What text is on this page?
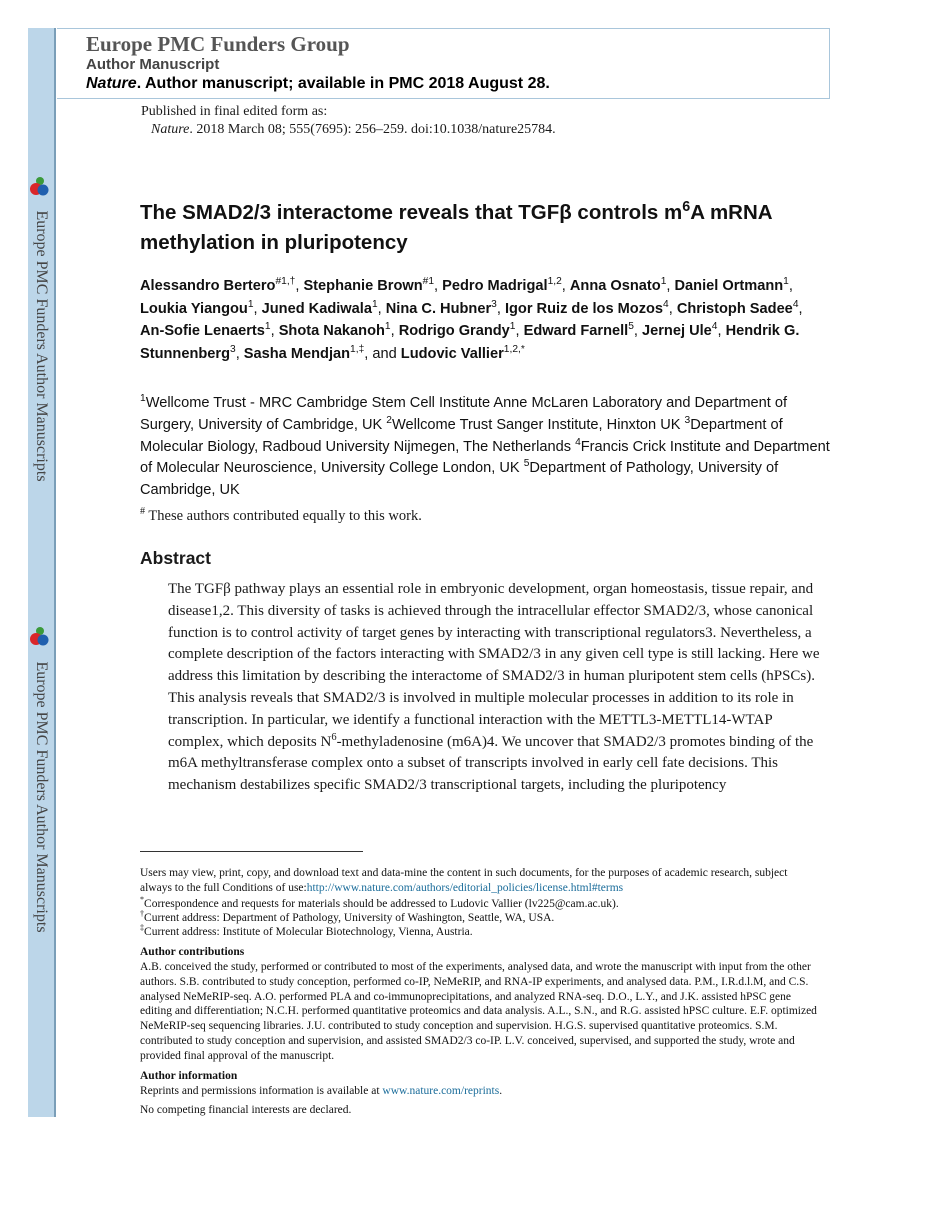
Europe PMC Funders Author Manuscripts
Europe PMC Funders Author Manuscripts
Europe PMC Funders Group
Author Manuscript
Nature. Author manuscript; available in PMC 2018 August 28.
Published in final edited form as:
Nature. 2018 March 08; 555(7695): 256–259. doi:10.1038/nature25784.
The SMAD2/3 interactome reveals that TGFβ controls $m^6A$ mRNA methylation in pluripotency
Alessandro Bertero$^{\#1,\dagger}$, Stephanie Brown$^{\#1}$, Pedro Madrigal$^{1,2}$, Anna Osnato$^1$, Daniel Ortmann$^1$, Loukia Yiangou$^1$, Juned Kadiwala$^1$, Nina C. Hubner$^3$, Igor Ruiz de los Mozos$^4$, Christoph Sadee$^4$, An-Sofie Lenaerts$^1$, Shota Nakanoh$^1$, Rodrigo Grandy$^1$, Edward Farnell$^5$, Jernej Ule$^4$, Hendrik G. Stunnenberg$^3$, Sasha Mendjan$^{1,\ddagger}$, and Ludovic Vallier$^{1,2,*}$
$^1$Wellcome Trust - MRC Cambridge Stem Cell Institute Anne McLaren Laboratory and Department of Surgery, University of Cambridge, UK $^2$Wellcome Trust Sanger Institute, Hinxton UK $^3$Department of Molecular Biology, Radboud University Nijmegen, The Netherlands $^4$Francis Crick Institute and Department of Molecular Neuroscience, University College London, UK $^5$Department of Pathology, University of Cambridge, UK
# These authors contributed equally to this work.
Abstract
The TGFβ pathway plays an essential role in embryonic development, organ homeostasis, tissue repair, and disease1,2. This diversity of tasks is achieved through the intracellular effector SMAD2/3, whose canonical function is to control activity of target genes by interacting with transcriptional regulators3. Nevertheless, a complete description of the factors interacting with SMAD2/3 in any given cell type is still lacking. Here we address this limitation by describing the interactome of SMAD2/3 in human pluripotent stem cells (hPSCs). This analysis reveals that SMAD2/3 is involved in multiple molecular processes in addition to its role in transcription. In particular, we identify a functional interaction with the METTL3-METTL14-WTAP complex, which deposits $N^6$-methyladenosine (m6A)4. We uncover that SMAD2/3 promotes binding of the m6A methyltransferase complex onto a subset of transcripts involved in early cell fate decisions. This mechanism destabilizes specific SMAD2/3 transcriptional targets, including the pluripotency
Users may view, print, copy, and download text and data-mine the content in such documents, for the purposes of academic research, subject always to the full Conditions of use:http://www.nature.com/authors/editorial_policies/license.html#terms
*Correspondence and requests for materials should be addressed to Ludovic Vallier (lv225@cam.ac.uk).
†Current address: Department of Pathology, University of Washington, Seattle, WA, USA.
‡Current address: Institute of Molecular Biotechnology, Vienna, Austria.
Author contributions
A.B. conceived the study, performed or contributed to most of the experiments, analysed data, and wrote the manuscript with input from the other authors. S.B. contributed to study conception, performed co-IP, NeMeRIP, and RNA-IP experiments, and analysed data. P.M., I.R.d.l.M, and C.S. analysed NeMeRIP-seq. A.O. performed PLA and co-immunoprecipitations, and analyzed RNA-seq. D.O., L.Y., and J.K. assisted hPSC gene editing and differentiation; N.C.H. performed quantitative proteomics and data analysis. A.L., S.N., and R.G. assisted hPSC culture. E.F. optimized NeMeRIP-seq sequencing libraries. J.U. contributed to study conception and supervision. H.G.S. supervised quantitative proteomics. S.M. contributed to study conception and supervision, and assisted SMAD2/3 co-IP. L.V. conceived, supervised, and supported the study, wrote and provided final approval of the manuscript.
Author information
Reprints and permissions information is available at www.nature.com/reprints.
No competing financial interests are declared.
